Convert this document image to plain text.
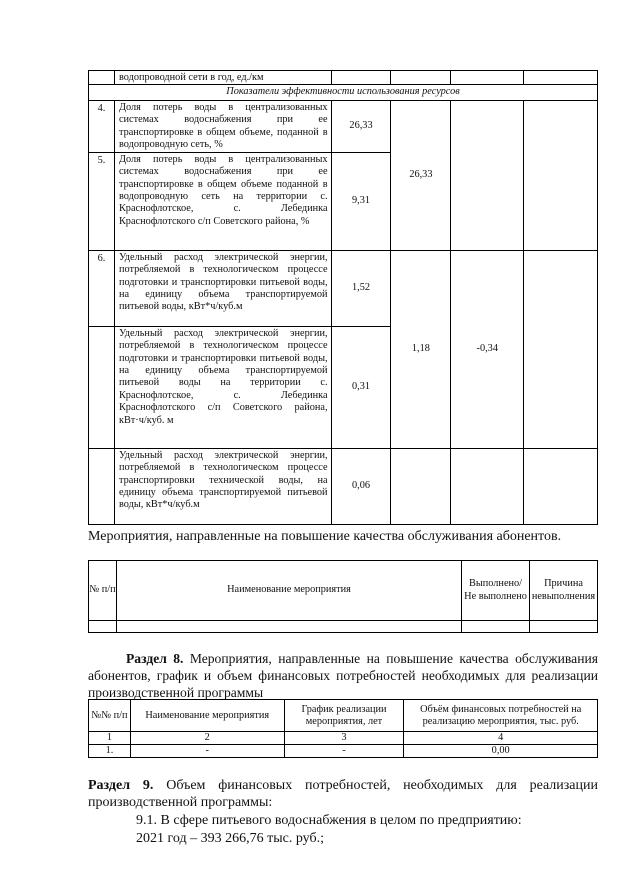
	водопроводной сети в год, ед./км				
Показатели эффективности использования ресурсов					
4.	Доля потерь воды в централизованных системах водоснабжения при ее транспортировке в общем объеме, поданной в водопроводную сеть, %	26,33	26,33		
5.	Доля потерь воды в централизованных системах водоснабжения при ее транспортировке в общем объеме поданной в водопроводную сеть на территории с. Краснофлотское, с. Лебединка Краснофлотского с/п Советского района, %	9,31			
6.	Удельный расход электрической энергии, потребляемой в технологическом процессе подготовки и транспортировки питьевой воды, на единицу объема транспортируемой питьевой воды, кВт*ч/куб.м	1,52	1,18	-0,34	
	Удельный расход электрической энергии, потребляемой в технологическом процессе подготовки и транспортировки питьевой воды, на единицу объема транспортируемой питьевой воды на территории с. Краснофлотское, с. Лебединка Краснофлотского с/п Советского района, кВт·ч/куб. м	0,31			
	Удельный расход электрической энергии, потребляемой в технологическом процессе транспортировки технической воды, на единицу объема транспортируемой питьевой воды, кВт*ч/куб.м	0,06			
Мероприятия, направленные на повышение качества обслуживания абонентов.
№ п/п	Наименование мероприятия	Выполнено/ Не выполнено	Причина невыполнения

Раздел 8. Мероприятия, направленные на повышение качества обслуживания абонентов, график и объем финансовых потребностей необходимых для реализации производственной программы
№№ п/п	Наименование мероприятия	График реализации мероприятия, лет	Объём финансовых потребностей на реализацию мероприятия, тыс. руб.
1	2	3	4
1.	-	-	0,00
Раздел 9. Объем финансовых потребностей, необходимых для реализации производственной программы:
9.1. В сфере питьевого водоснабжения в целом по предприятию:
2021 год – 393 266,76 тыс. руб.;
